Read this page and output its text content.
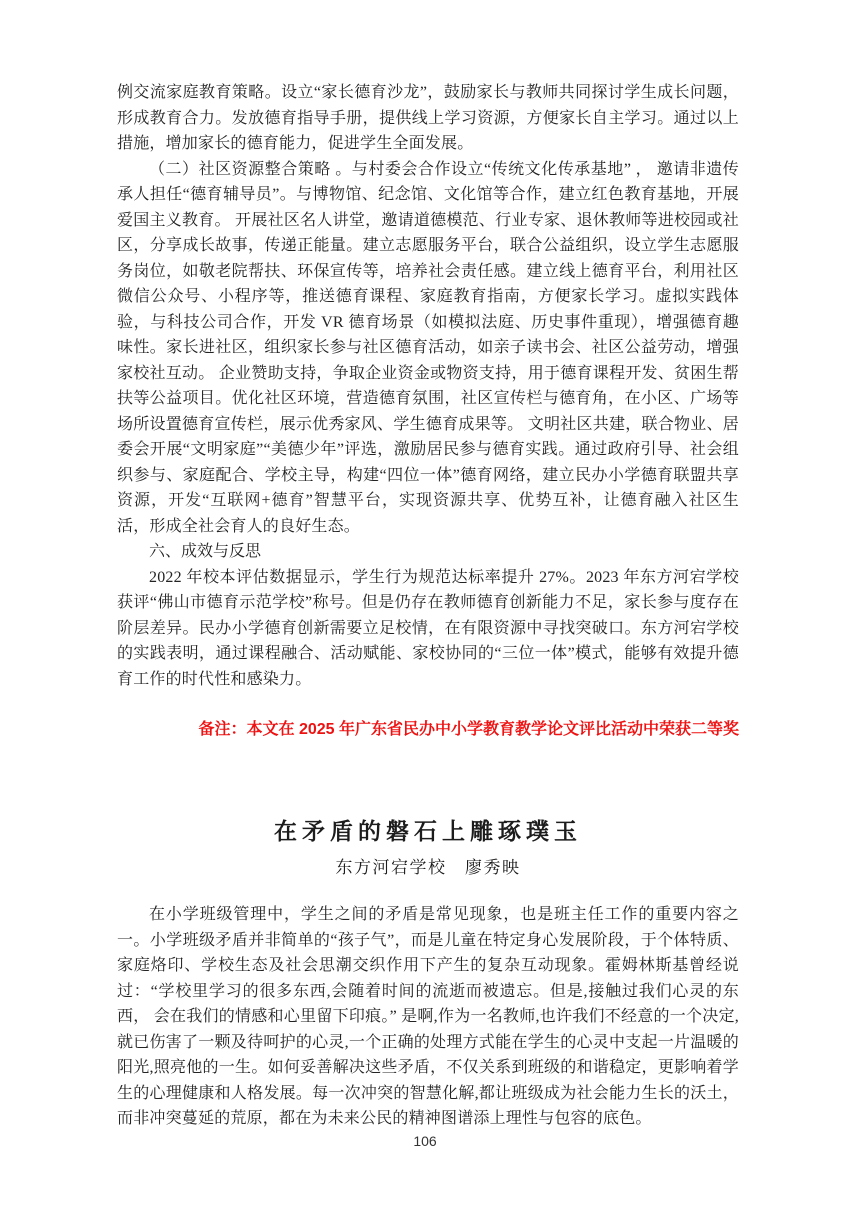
例交流家庭教育策略。设立“家长德育沙龙”，鼓励家长与教师共同探讨学生成长问题，形成教育合力。发放德育指导手册，提供线上学习资源，方便家长自主学习。通过以上措施，增加家长的德育能力，促进学生全面发展。

（二）社区资源整合策略 。与村委会合作设立“传统文化传承基地” ， 邀请非遗传承人担任“德育辅导员”。与博物馆、纪念馆、文化馆等合作，建立红色教育基地，开展爱国主义教育。 开展社区名人讲堂，邀请道德模范、行业专家、退休教师等进校园或社区，分享成长故事，传递正能量。建立志愿服务平台，联合公益组织，设立学生志愿服务岗位，如敬老院帮扶、环保宣传等，培养社会责任感。建立线上德育平台，利用社区微信公众号、小程序等，推送德育课程、家庭教育指南，方便家长学习。虚拟实践体验，与科技公司合作，开发 VR 德育场景（如模拟法庭、历史事件重现），增强德育趣味性。家长进社区，组织家长参与社区德育活动，如亲子读书会、社区公益劳动，增强家校社互动。 企业赞助支持，争取企业资金或物资支持，用于德育课程开发、贫困生帮扶等公益项目。优化社区环境，营造德育氛围，社区宣传栏与德育角，在小区、广场等场所设置德育宣传栏，展示优秀家风、学生德育成果等。 文明社区共建，联合物业、居委会开展“文明家庭”“美德少年”评选，激励居民参与德育实践。通过政府引导、社会组织参与、家庭配合、学校主导，构建“四位一体”德育网络，建立民办小学德育联盟共享资源，开发“互联网+德育”智慧平台，实现资源共享、优势互补，让德育融入社区生活，形成全社会育人的良好生态。

六、成效与反思

2022 年校本评估数据显示，学生行为规范达标率提升 27%。2023 年东方河宕学校获评“佛山市德育示范学校”称号。但是仍存在教师德育创新能力不足，家长参与度存在阶层差异。民办小学德育创新需要立足校情，在有限资源中寻找突破口。东方河宕学校的实践表明，通过课程融合、活动赋能、家校协同的“三位一体”模式，能够有效提升德育工作的时代性和感染力。

备注：本文在 2025 年广东省民办中小学教育教学论文评比活动中荣获二等奖

在矛盾的磐石上雕琢璞玉
东方河宕学校　廖秀映

在小学班级管理中，学生之间的矛盾是常见现象，也是班主任工作的重要内容之一。小学班级矛盾并非简单的“孩子气”，而是儿童在特定身心发展阶段，于个体特质、家庭烙印、学校生态及社会思潮交织作用下产生的复杂互动现象。霍姆林斯基曾经说过：“学校里学习的很多东西,会随着时间的流逝而被遗忘。但是,接触过我们心灵的东西， 会在我们的情感和心里留下印痕。” 是啊,作为一名教师,也许我们不经意的一个决定,就已伤害了一颗及待呵护的心灵,一个正确的处理方式能在学生的心灵中支起一片温暖的阳光,照亮他的一生。如何妥善解决这些矛盾，不仅关系到班级的和谐稳定，更影响着学生的心理健康和人格发展。每一次冲突的智慧化解,都让班级成为社会能力生长的沃土，而非冲突蔓延的荒原，都在为未来公民的精神图谱添上理性与包容的底色。

106
